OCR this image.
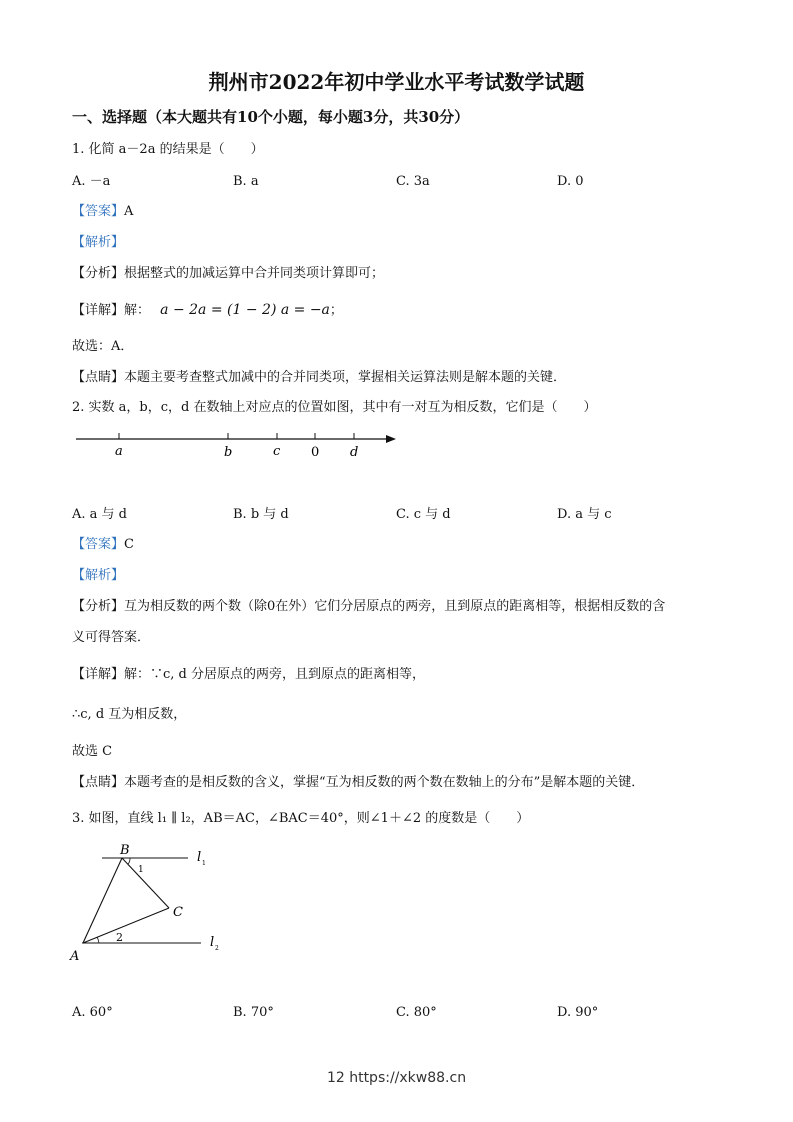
荆州市2022年初中学业水平考试数学试题
一、选择题（本大题共有10个小题，每小题3分，共30分）
1. 化简 a－2a 的结果是（　　）
A. －a	B. a	C. 3a	D. 0
【答案】A
【解析】
【分析】根据整式的加减运算中合并同类项计算即可；
【详解】解： a − 2a = (1 − 2) a = −a；
故选：A．
【点睛】本题主要考查整式加减中的合并同类项，掌握相关运算法则是解本题的关键．
2. 实数 a，b，c，d 在数轴上对应点的位置如图，其中有一对互为相反数，它们是（　　）
a	b	c 0 d
A. a 与 d	B. b 与 d	C. c 与 d	D. a 与 c
【答案】C
【解析】
【分析】互为相反数的两个数（除0在外）它们分居原点的两旁，且到原点的距离相等，根据相反数的含
义可得答案．
【详解】解：∵c, d 分居原点的两旁，且到原点的距离相等，
∴c, d 互为相反数，
故选 C
【点睛】本题考查的是相反数的含义，掌握“互为相反数的两个数在数轴上的分布”是解本题的关键．
3. 如图，直线 l₁ ∥ l₂，AB＝AC，∠BAC＝40°，则∠1＋∠2 的度数是（　　）
B
C
A
1
2
l 1
l 2
A. 60°	B. 70°	C. 80°	D. 90°
12 https://xkw88.cn
